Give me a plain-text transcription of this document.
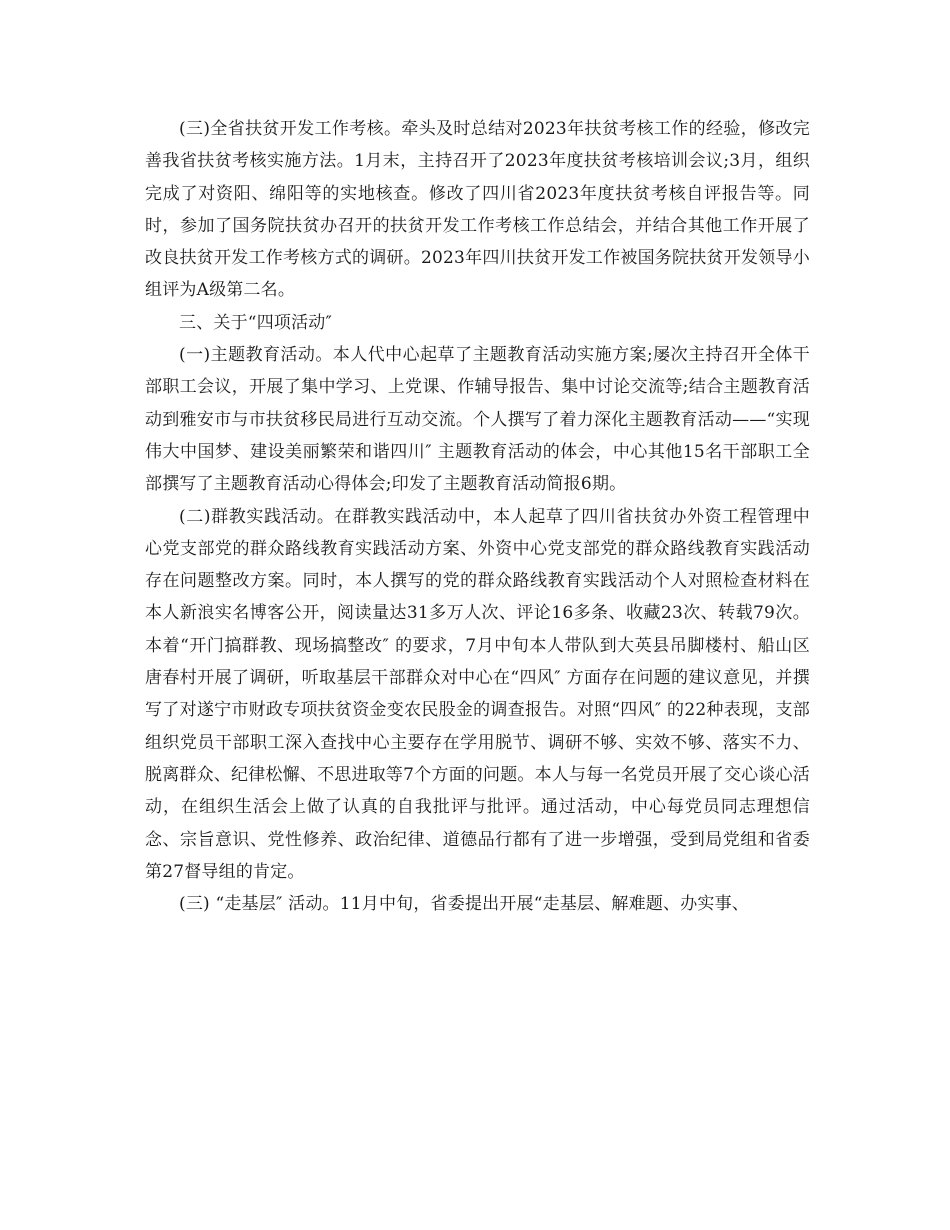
(三)全省扶贫开发工作考核。牵头及时总结对2023年扶贫考核工作的经验，修改完善我省扶贫考核实施方法。1月末，主持召开了2023年度扶贫考核培训会议;3月，组织完成了对资阳、绵阳等的实地核查。修改了四川省2023年度扶贫考核自评报告等。同时，参加了国务院扶贫办召开的扶贫开发工作考核工作总结会，并结合其他工作开展了改良扶贫开发工作考核方式的调研。2023年四川扶贫开发工作被国务院扶贫开发领导小组评为A级第二名。

三、关于“四项活动″

(一)主题教育活动。本人代中心起草了主题教育活动实施方案;屡次主持召开全体干部职工会议，开展了集中学习、上党课、作辅导报告、集中讨论交流等;结合主题教育活动到雅安市与市扶贫移民局进行互动交流。个人撰写了着力深化主题教育活动——“实现伟大中国梦、建设美丽繁荣和谐四川″ 主题教育活动的体会，中心其他15名干部职工全部撰写了主题教育活动心得体会;印发了主题教育活动简报6期。

(二)群教实践活动。在群教实践活动中，本人起草了四川省扶贫办外资工程管理中心党支部党的群众路线教育实践活动方案、外资中心党支部党的群众路线教育实践活动存在问题整改方案。同时，本人撰写的党的群众路线教育实践活动个人对照检查材料在本人新浪实名博客公开，阅读量达31多万人次、评论16多条、收藏23次、转载79次。本着“开门搞群教、现场搞整改″ 的要求，7月中旬本人带队到大英县吊脚楼村、船山区唐春村开展了调研，听取基层干部群众对中心在“四风″ 方面存在问题的建议意见，并撰写了对遂宁市财政专项扶贫资金变农民股金的调查报告。对照“四风″ 的22种表现，支部组织党员干部职工深入查找中心主要存在学用脱节、调研不够、实效不够、落实不力、脱离群众、纪律松懈、不思进取等7个方面的问题。本人与每一名党员开展了交心谈心活动，在组织生活会上做了认真的自我批评与批评。通过活动，中心每党员同志理想信念、宗旨意识、党性修养、政治纪律、道德品行都有了进一步增强，受到局党组和省委第27督导组的肯定。

(三) “走基层″ 活动。11月中旬，省委提出开展“走基层、解难题、办实事、
